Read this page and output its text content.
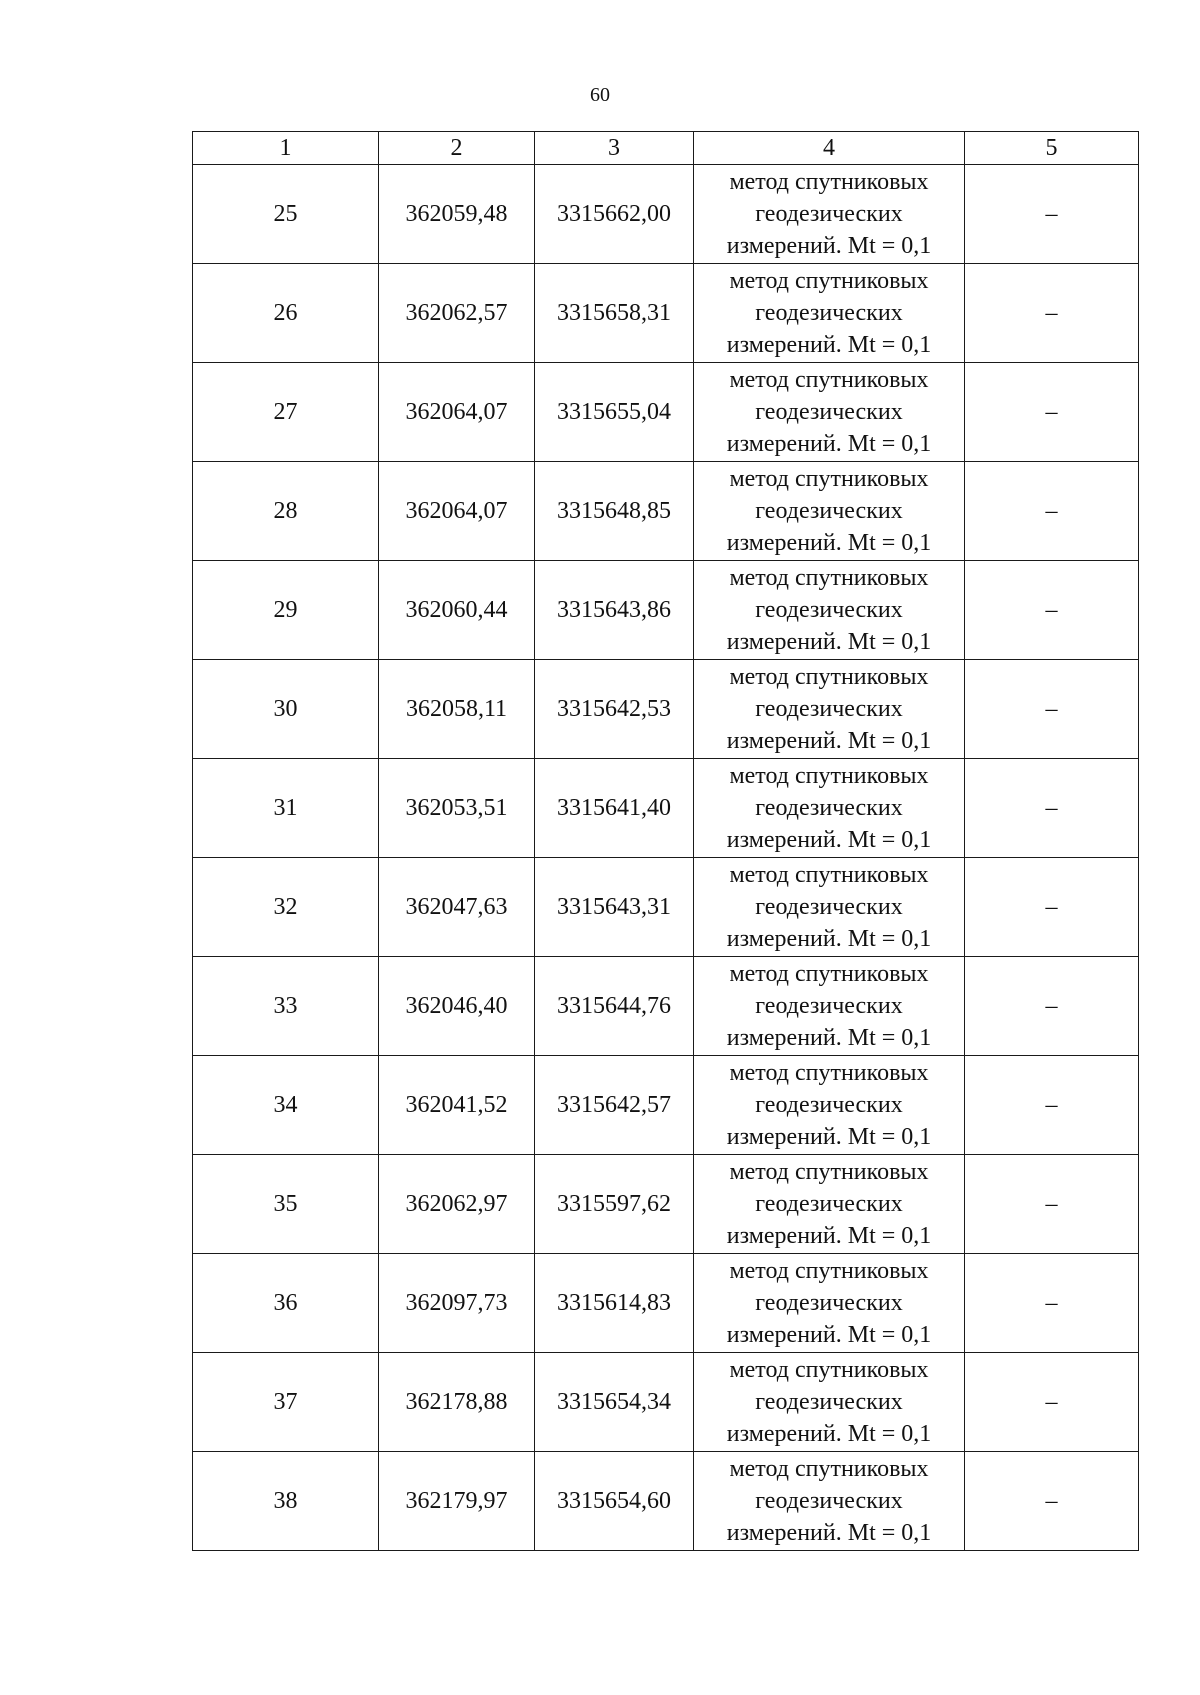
60
1	2	3	4	5
25	362059,48	3315662,00	метод спутниковых
геодезических
измерений. Mt = 0,1	–
26	362062,57	3315658,31	метод спутниковых
геодезических
измерений. Mt = 0,1	–
27	362064,07	3315655,04	метод спутниковых
геодезических
измерений. Mt = 0,1	–
28	362064,07	3315648,85	метод спутниковых
геодезических
измерений. Mt = 0,1	–
29	362060,44	3315643,86	метод спутниковых
геодезических
измерений. Mt = 0,1	–
30	362058,11	3315642,53	метод спутниковых
геодезических
измерений. Mt = 0,1	–
31	362053,51	3315641,40	метод спутниковых
геодезических
измерений. Mt = 0,1	–
32	362047,63	3315643,31	метод спутниковых
геодезических
измерений. Mt = 0,1	–
33	362046,40	3315644,76	метод спутниковых
геодезических
измерений. Mt = 0,1	–
34	362041,52	3315642,57	метод спутниковых
геодезических
измерений. Mt = 0,1	–
35	362062,97	3315597,62	метод спутниковых
геодезических
измерений. Mt = 0,1	–
36	362097,73	3315614,83	метод спутниковых
геодезических
измерений. Mt = 0,1	–
37	362178,88	3315654,34	метод спутниковых
геодезических
измерений. Mt = 0,1	–
38	362179,97	3315654,60	метод спутниковых
геодезических
измерений. Mt = 0,1	–
